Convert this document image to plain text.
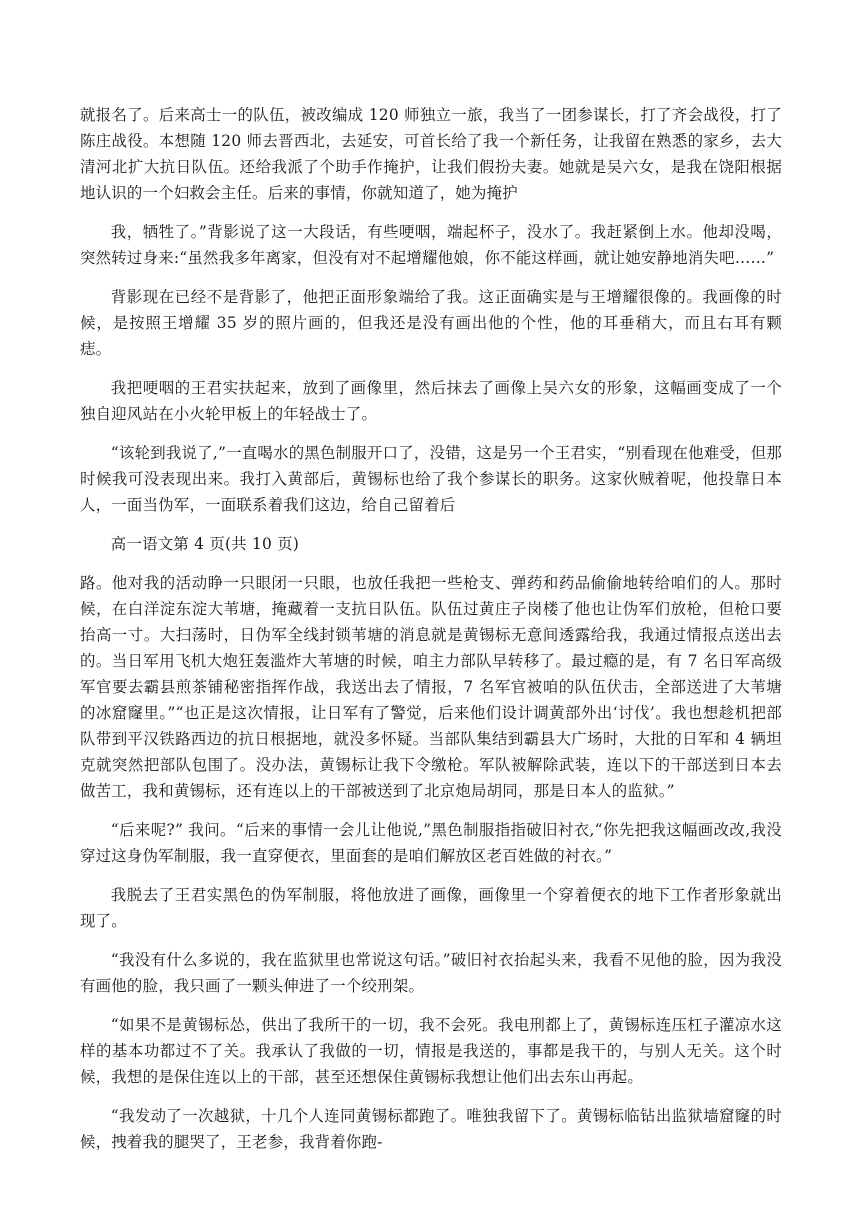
就报名了。后来高士一的队伍，被改编成 120 师独立一旅，我当了一团参谋长，打了齐会战役，打了陈庄战役。本想随 120 师去晋西北，去延安，可首长给了我一个新任务，让我留在熟悉的家乡，去大清河北扩大抗日队伍。还给我派了个助手作掩护，让我们假扮夫妻。她就是吴六女，是我在饶阳根据地认识的一个妇救会主任。后来的事情，你就知道了，她为掩护

我，牺牲了。”背影说了这一大段话，有些哽咽，端起杯子，没水了。我赶紧倒上水。他却没喝，突然转过身来:“虽然我多年离家，但没有对不起增耀他娘，你不能这样画，就让她安静地消失吧……”

背影现在已经不是背影了，他把正面形象端给了我。这正面确实是与王增耀很像的。我画像的时候，是按照王增耀 35 岁的照片画的，但我还是没有画出他的个性，他的耳垂稍大，而且右耳有颗痣。

我把哽咽的王君实扶起来，放到了画像里，然后抹去了画像上吴六女的形象，这幅画变成了一个独自迎风站在小火轮甲板上的年轻战士了。

“该轮到我说了,”一直喝水的黑色制服开口了，没错，这是另一个王君实，“别看现在他难受，但那时候我可没表现出来。我打入黄部后，黄锡标也给了我个参谋长的职务。这家伙贼着呢，他投靠日本人，一面当伪军，一面联系着我们这边，给自己留着后

高一语文第 4 页(共 10 页)

路。他对我的活动睁一只眼闭一只眼，也放任我把一些枪支、弹药和药品偷偷地转给咱们的人。那时候，在白洋淀东淀大苇塘，掩藏着一支抗日队伍。队伍过黄庄子岗楼了他也让伪军们放枪，但枪口要抬高一寸。大扫荡时，日伪军全线封锁苇塘的消息就是黄锡标无意间透露给我，我通过情报点送出去的。当日军用飞机大炮狂轰滥炸大苇塘的时候，咱主力部队早转移了。最过瘾的是，有 7 名日军高级军官要去霸县煎茶铺秘密指挥作战，我送出去了情报，7 名军官被咱的队伍伏击，全部送进了大苇塘的冰窟窿里。”“也正是这次情报，让日军有了警觉，后来他们设计调黄部外出‘讨伐’。我也想趁机把部队带到平汉铁路西边的抗日根据地，就没多怀疑。当部队集结到霸县大广场时，大批的日军和 4 辆坦克就突然把部队包围了。没办法，黄锡标让我下令缴枪。军队被解除武装，连以下的干部送到日本去做苦工，我和黄锡标，还有连以上的干部被送到了北京炮局胡同，那是日本人的监狱。”

“后来呢?” 我问。“后来的事情一会儿让他说,”黑色制服指指破旧衬衣,“你先把我这幅画改改,我没穿过这身伪军制服，我一直穿便衣，里面套的是咱们解放区老百姓做的衬衣。”

我脱去了王君实黑色的伪军制服，将他放进了画像，画像里一个穿着便衣的地下工作者形象就出现了。

“我没有什么多说的，我在监狱里也常说这句话。”破旧衬衣抬起头来，我看不见他的脸，因为我没有画他的脸，我只画了一颗头伸进了一个绞刑架。

“如果不是黄锡标怂，供出了我所干的一切，我不会死。我电刑都上了，黄锡标连压杠子灌凉水这样的基本功都过不了关。我承认了我做的一切，情报是我送的，事都是我干的，与别人无关。这个时候，我想的是保住连以上的干部，甚至还想保住黄锡标我想让他们出去东山再起。

“我发动了一次越狱，十几个人连同黄锡标都跑了。唯独我留下了。黄锡标临钻出监狱墙窟窿的时候，拽着我的腿哭了，王老参，我背着你跑-
